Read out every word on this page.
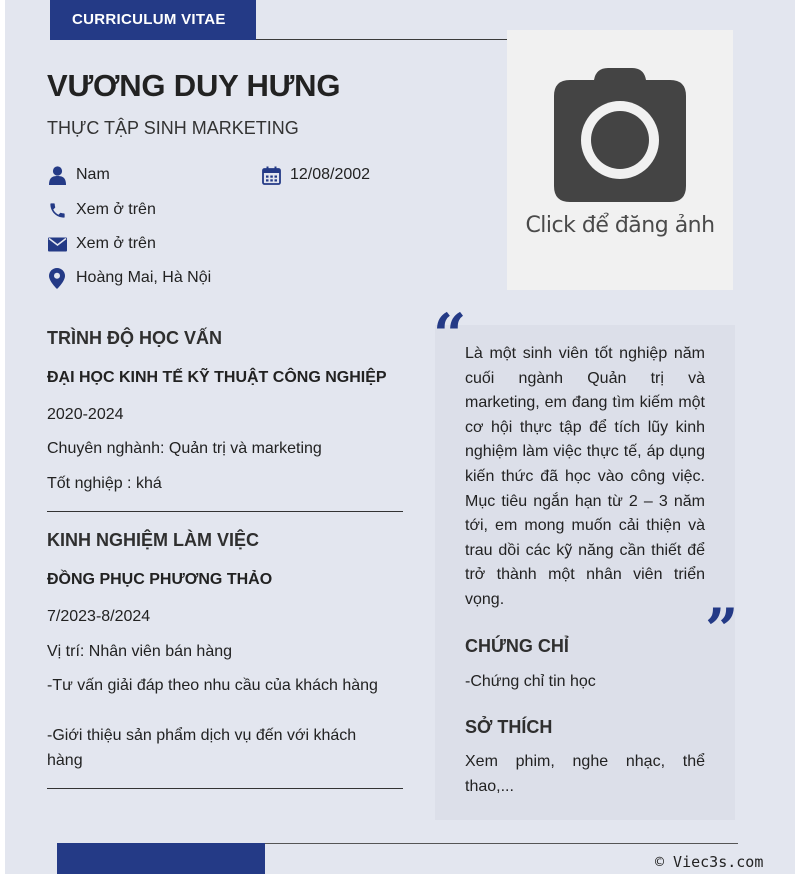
CURRICULUM VITAE
VƯƠNG DUY HƯNG
THỰC TẬP SINH MARKETING
Nam	12/08/2002
Xem ở trên
Xem ở trên
Hoàng Mai, Hà Nội
Click để đăng ảnh
TRÌNH ĐỘ HỌC VẤN
ĐẠI HỌC KINH TẾ KỸ THUẬT CÔNG NGHIỆP
2020-2024
Chuyên nghành: Quản trị và marketing
Tốt nghiệp : khá
KINH NGHIỆM LÀM VIỆC
ĐỒNG PHỤC PHƯƠNG THẢO
7/2023-8/2024
Vị trí: Nhân viên bán hàng
-Tư vấn giải đáp theo nhu cầu của khách hàng
-Giới thiệu sản phẩm dịch vụ đến với khách hàng
“
Là một sinh viên tốt nghiệp năm cuối ngành Quản trị và marketing, em đang tìm kiếm một cơ hội thực tập để tích lũy kinh nghiệm làm việc thực tế, áp dụng kiến thức đã học vào công việc. Mục tiêu ngắn hạn từ 2 – 3 năm tới, em mong muốn cải thiện và trau dồi các kỹ năng cần thiết để trở thành một nhân viên triển vọng.	”
CHỨNG CHỈ
-Chứng chỉ tin học
SỞ THÍCH
Xem phim, nghe nhạc, thể thao,...
© Viec3s.com
